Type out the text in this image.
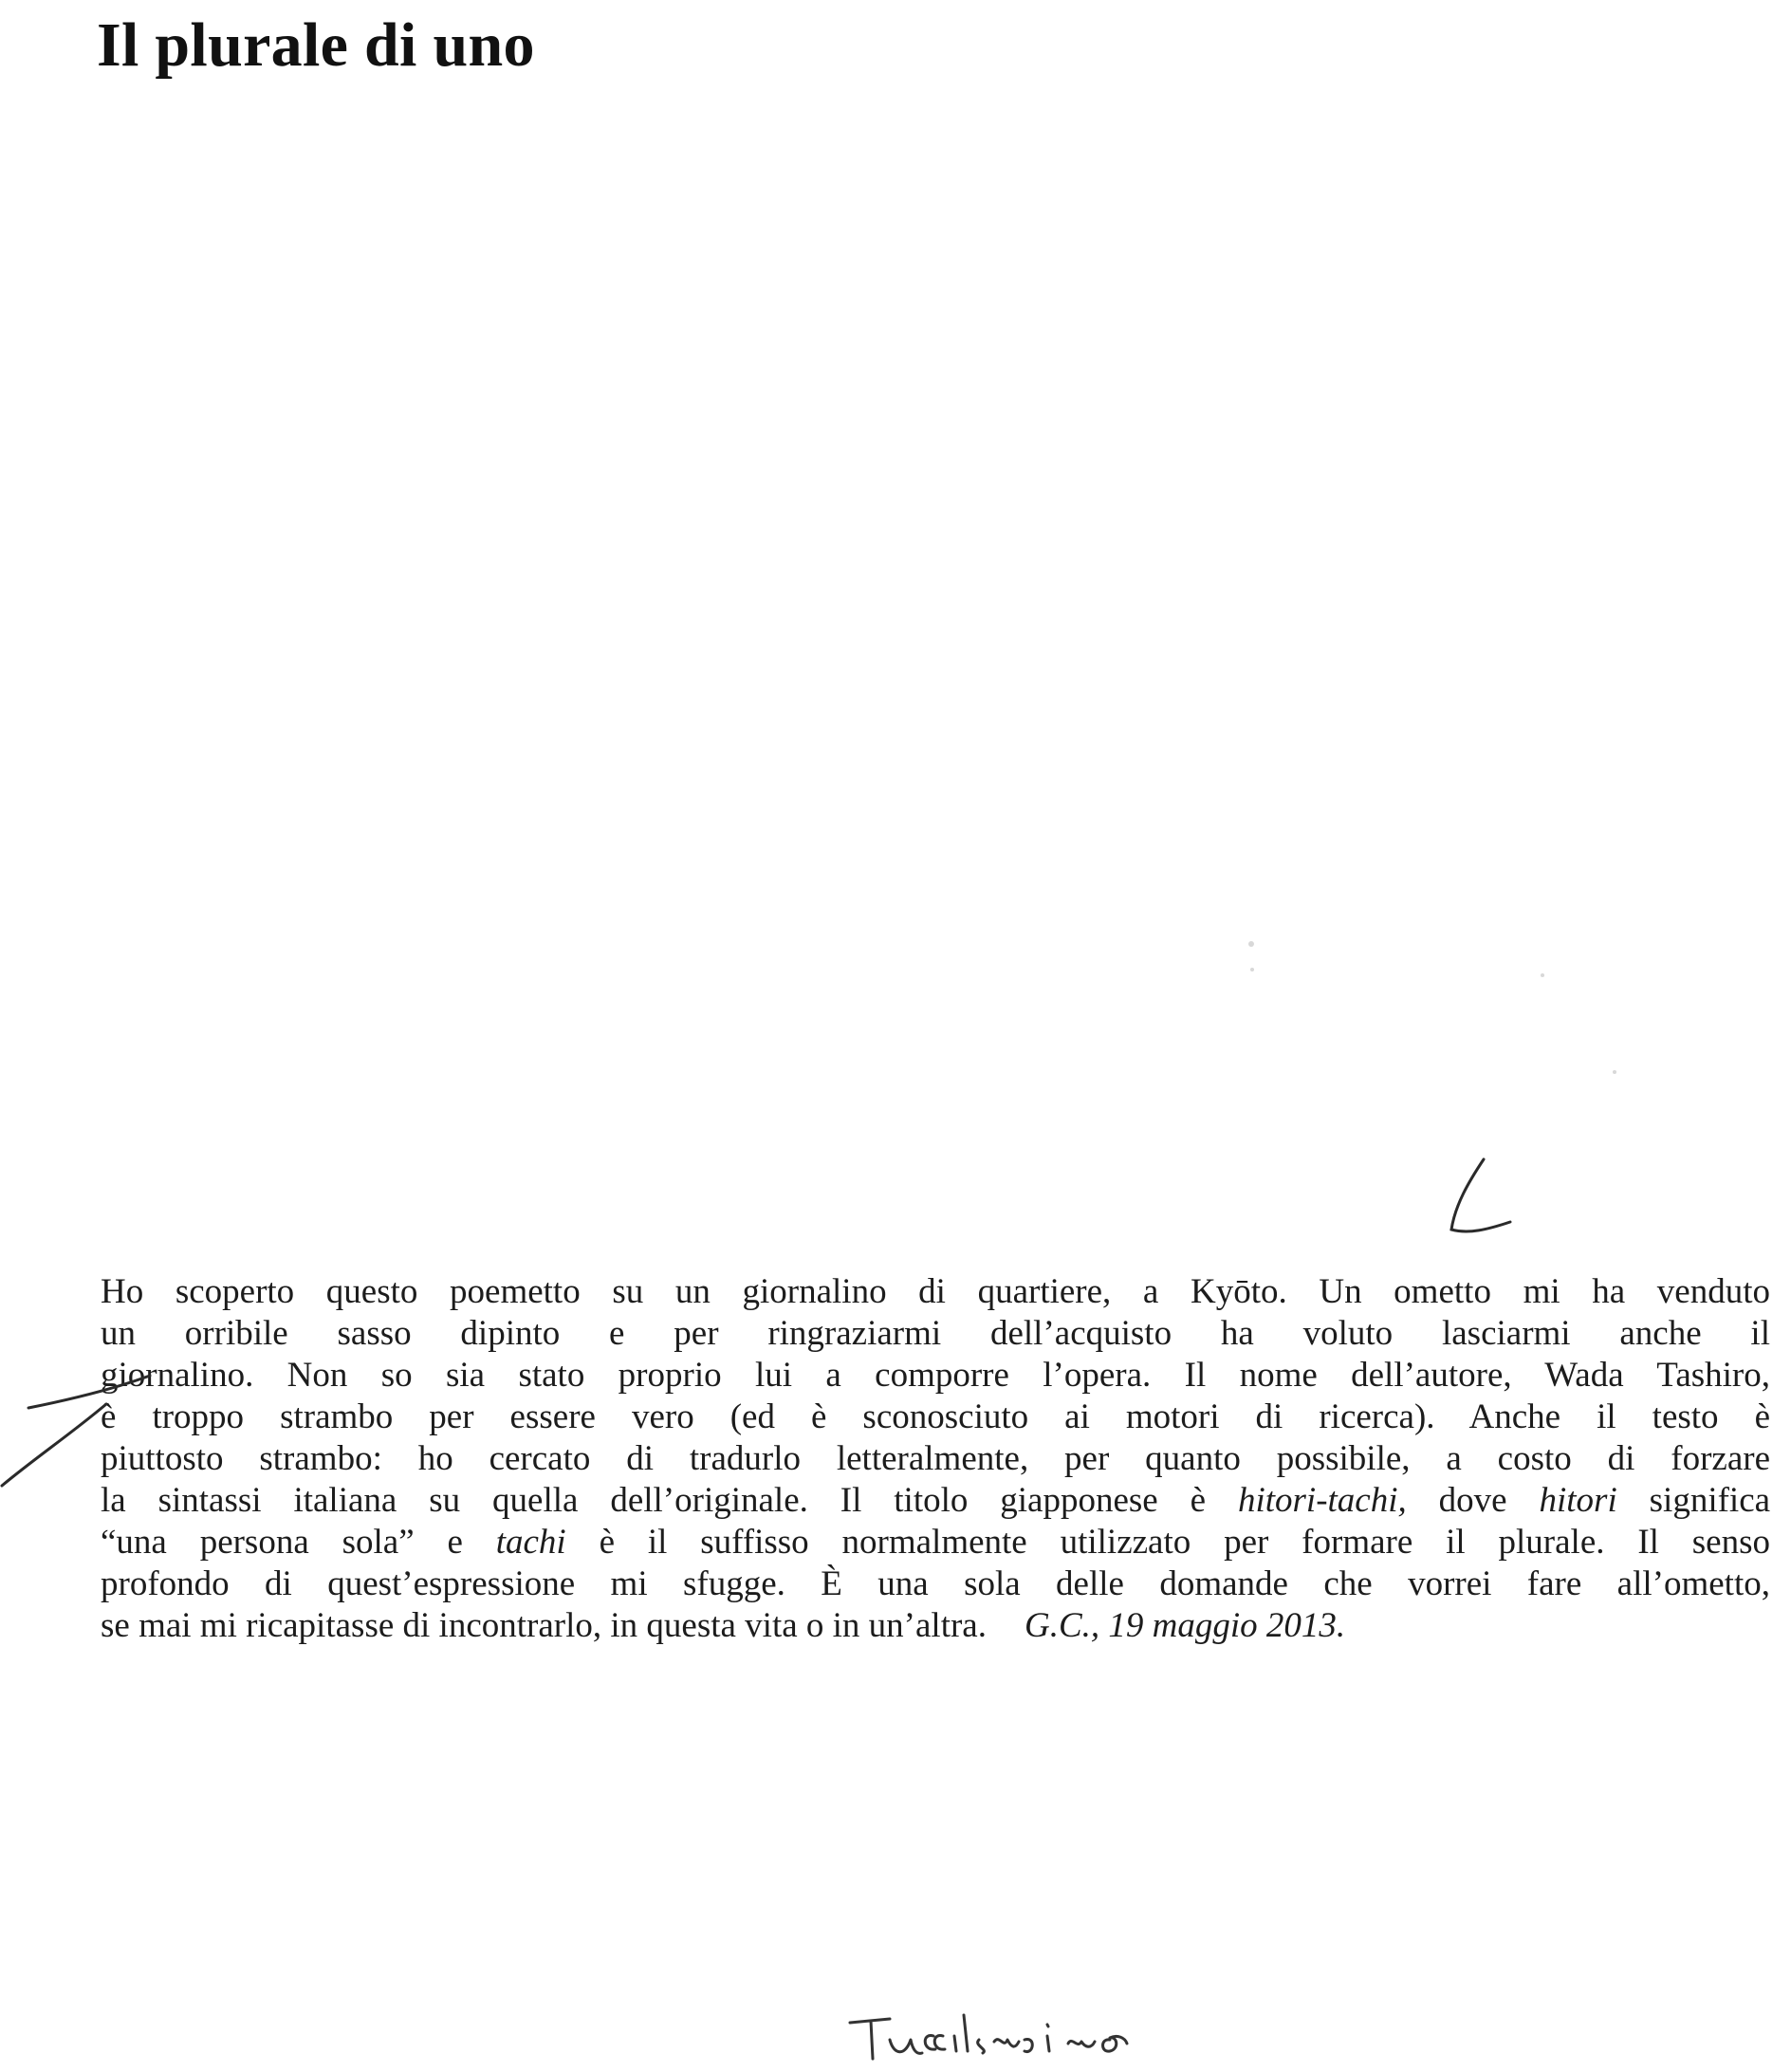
Il plurale di uno
Ho scoperto questo poemetto su un giornalino di quartiere, a Kyōto. Un ometto mi ha venduto
un orribile sasso dipinto e per ringraziarmi dell’acquisto ha voluto lasciarmi anche il
giornalino. Non so sia stato proprio lui a comporre l’opera. Il nome dell’autore, Wada Tashiro,
è troppo strambo per essere vero (ed è sconosciuto ai motori di ricerca). Anche il testo è
piuttosto strambo: ho cercato di tradurlo letteralmente, per quanto possibile, a costo di forzare
la sintassi italiana su quella dell’originale. Il titolo giapponese è hitori-tachi, dove hitori significa
“una persona sola” e tachi è il suffisso normalmente utilizzato per formare il plurale. Il senso
profondo di quest’espressione mi sfugge. È una sola delle domande che vorrei fare all’ometto,
se mai mi ricapitasse di incontrarlo, in questa vita o in un’altra. G.C., 19 maggio 2013.
